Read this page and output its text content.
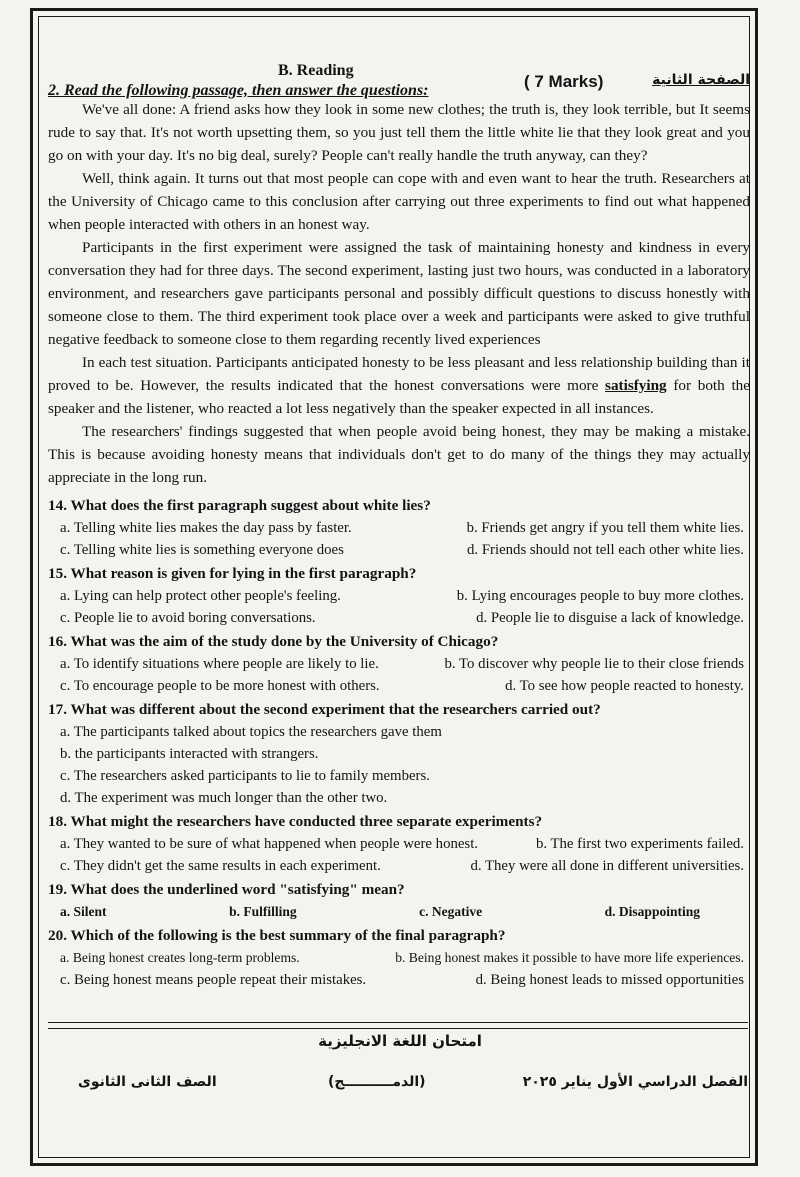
B. Reading
( 7 Marks)	الصفحة الثانية
2. Read the following passage, then answer the questions:

We've all done: A friend asks how they look in some new clothes; the truth is, they look terrible, but It seems rude to say that. It's not worth upsetting them, so you just tell them the little white lie that they look great and you go on with your day. It's no big deal, surely? People can't really handle the truth anyway, can they?

Well, think again. It turns out that most people can cope with and even want to hear the truth. Researchers at the University of Chicago came to this conclusion after carrying out three experiments to find out what happened when people interacted with others in an honest way.

Participants in the first experiment were assigned the task of maintaining honesty and kindness in every conversation they had for three days. The second experiment, lasting just two hours, was conducted in a laboratory environment, and researchers gave participants personal and possibly difficult questions to discuss honestly with someone close to them. The third experiment took place over a week and participants were asked to give truthful negative feedback to someone close to them regarding recently lived experiences

In each test situation. Participants anticipated honesty to be less pleasant and less relationship building than it proved to be. However, the results indicated that the honest conversations were more satisfying for both the speaker and the listener, who reacted a lot less negatively than the speaker expected in all instances.

The researchers' findings suggested that when people avoid being honest, they may be making a mistake. This is because avoiding honesty means that individuals don't get to do many of the things they may actually appreciate in the long run.

14. What does the first paragraph suggest about white lies?
a. Telling white lies makes the day pass by faster.	b. Friends get angry if you tell them white lies.
c. Telling white lies is something everyone does	d. Friends should not tell each other white lies.
15. What reason is given for lying in the first paragraph?
a. Lying can help protect other people's feeling.	b. Lying encourages people to buy more clothes.
c. People lie to avoid boring conversations.	d. People lie to disguise a lack of knowledge.
16. What was the aim of the study done by the University of Chicago?
a. To identify situations where people are likely to lie.	b. To discover why people lie to their close friends
c. To encourage people to be more honest with others.	d. To see how people reacted to honesty.
17. What was different about the second experiment that the researchers carried out?
a. The participants talked about topics the researchers gave them
b. the participants interacted with strangers.
c. The researchers asked participants to lie to family members.
d. The experiment was much longer than the other two.
18. What might the researchers have conducted three separate experiments?
a. They wanted to be sure of what happened when people were honest.	b. The first two experiments failed.
c. They didn't get the same results in each experiment.	d. They were all done in different universities.
19. What does the underlined word "satisfying" mean?
a. Silent	b. Fulfilling	c. Negative	d. Disappointing
20. Which of the following is the best summary of the final paragraph?
a. Being honest creates long-term problems.	b. Being honest makes it possible to have more life experiences.
c. Being honest means people repeat their mistakes.	d. Being honest leads to missed opportunities
امتحان اللغة الانجليزية
الفصل الدراسي الأول يناير ٢٠٢٥
(الدمــــــــــج)
الصف الثانى الثانوى
